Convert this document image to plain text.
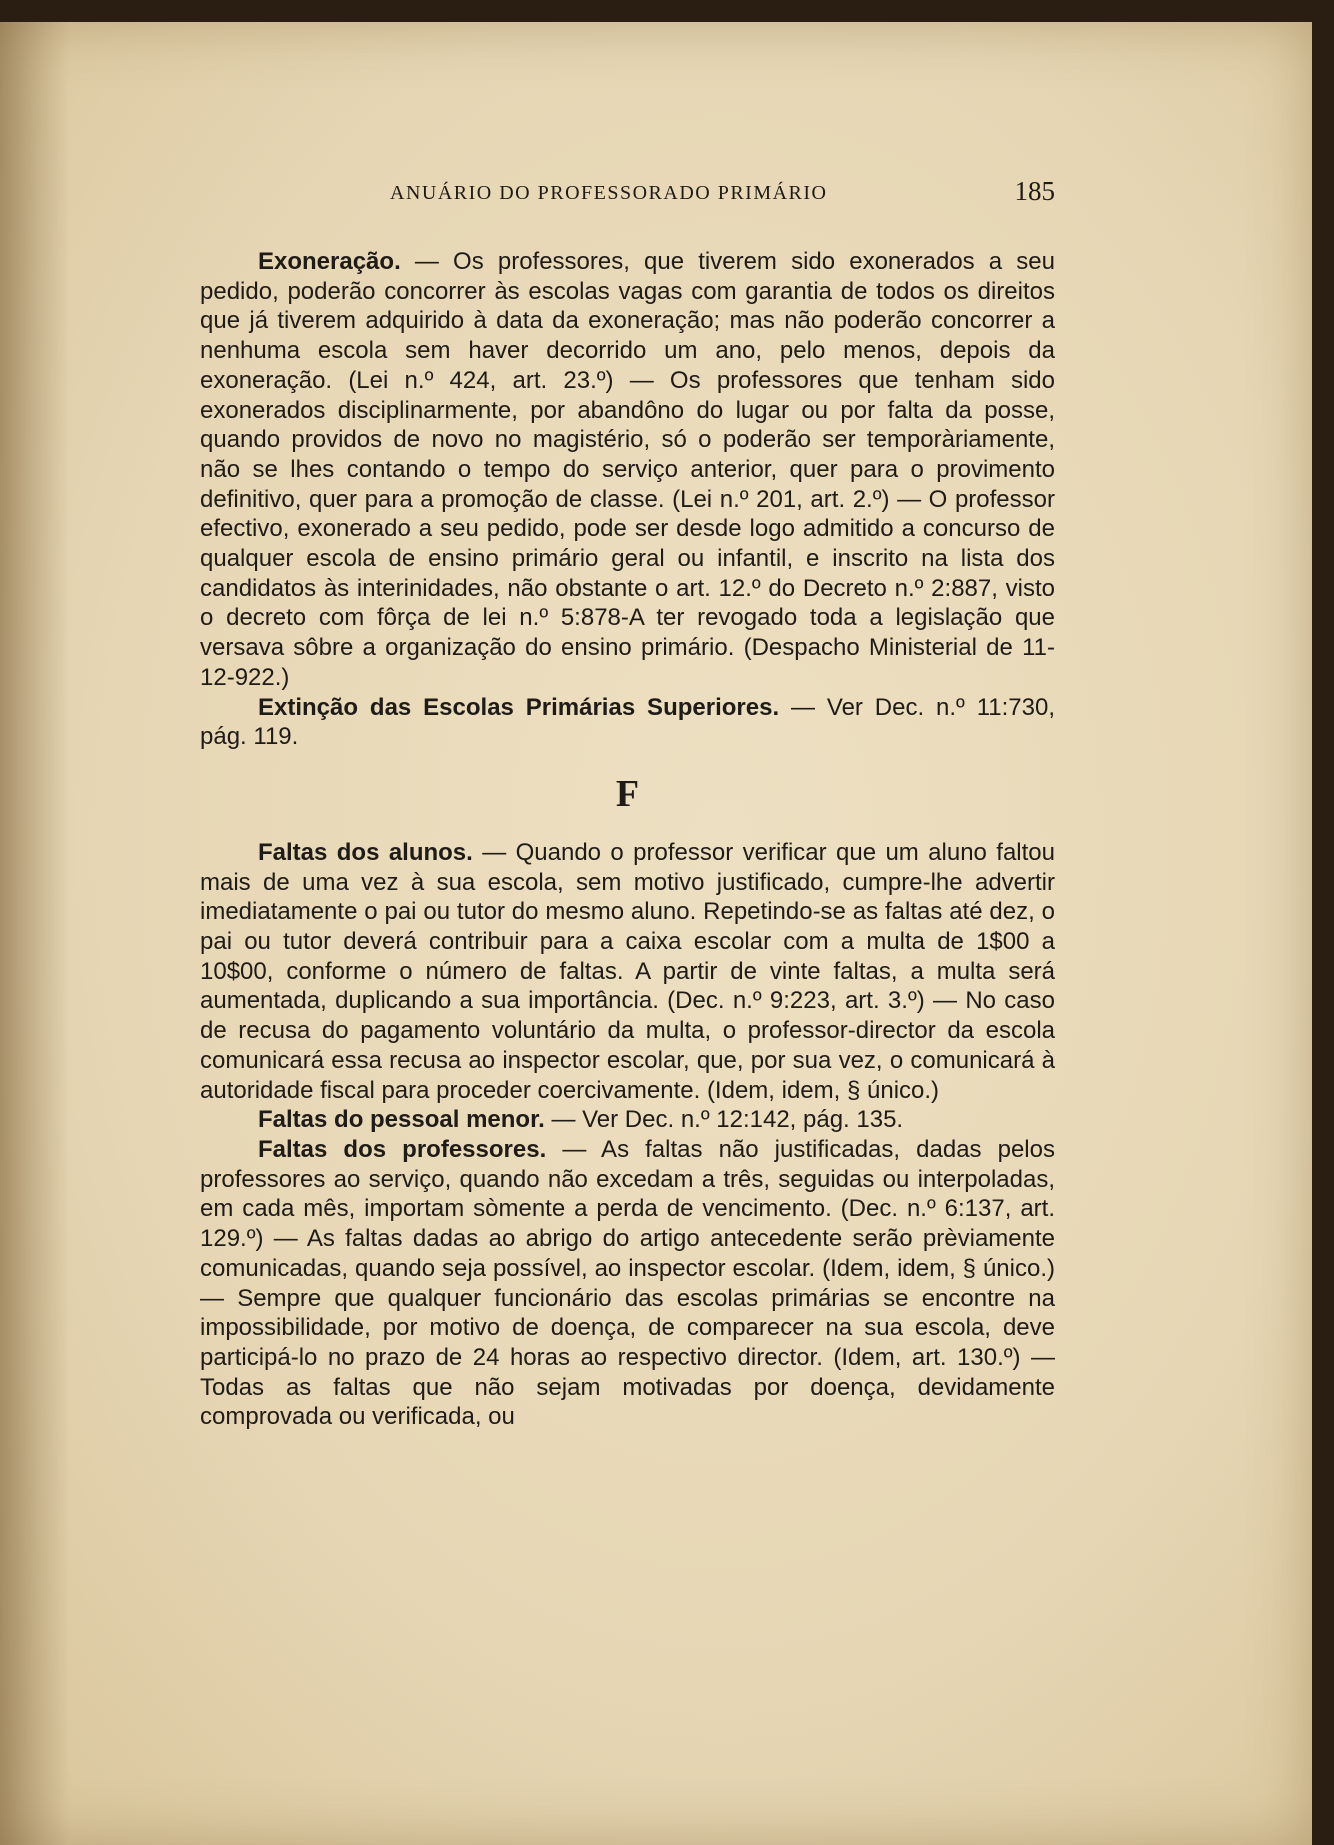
ANUÁRIO DO PROFESSORADO PRIMÁRIO	185

Exoneração. — Os professores, que tiverem sido exonerados a seu pedido, poderão concorrer às escolas vagas com garantia de todos os direitos que já tiverem adquirido à data da exoneração; mas não poderão concorrer a nenhuma escola sem haver decorrido um ano, pelo menos, depois da exoneração. (Lei n.º 424, art. 23.º) — Os professores que tenham sido exonerados disciplinarmente, por abandôno do lugar ou por falta da posse, quando providos de novo no magistério, só o poderão ser temporàriamente, não se lhes contando o tempo do serviço anterior, quer para o provimento definitivo, quer para a promoção de classe. (Lei n.º 201, art. 2.º) — O professor efectivo, exonerado a seu pedido, pode ser desde logo admitido a concurso de qualquer escola de ensino primário geral ou infantil, e inscrito na lista dos candidatos às interinidades, não obstante o art. 12.º do Decreto n.º 2:887, visto o decreto com fôrça de lei n.º 5:878-A ter revogado toda a legislação que versava sôbre a organização do ensino primário. (Despacho Ministerial de 11-12-922.)

Extinção das Escolas Primárias Superiores. — Ver Dec. n.º 11:730, pág. 119.

F

Faltas dos alunos. — Quando o professor verificar que um aluno faltou mais de uma vez à sua escola, sem motivo justificado, cumpre-lhe advertir imediatamente o pai ou tutor do mesmo aluno. Repetindo-se as faltas até dez, o pai ou tutor deverá contribuir para a caixa escolar com a multa de 1$00 a 10$00, conforme o número de faltas. A partir de vinte faltas, a multa será aumentada, duplicando a sua importância. (Dec. n.º 9:223, art. 3.º) — No caso de recusa do pagamento voluntário da multa, o professor-director da escola comunicará essa recusa ao inspector escolar, que, por sua vez, o comunicará à autoridade fiscal para proceder coercivamente. (Idem, idem, § único.)

Faltas do pessoal menor. — Ver Dec. n.º 12:142, pág. 135.

Faltas dos professores. — As faltas não justificadas, dadas pelos professores ao serviço, quando não excedam a três, seguidas ou interpoladas, em cada mês, importam sòmente a perda de vencimento. (Dec. n.º 6:137, art. 129.º) — As faltas dadas ao abrigo do artigo antecedente serão prèviamente comunicadas, quando seja possível, ao inspector escolar. (Idem, idem, § único.) — Sempre que qualquer funcionário das escolas primárias se encontre na impossibilidade, por motivo de doença, de comparecer na sua escola, deve participá-lo no prazo de 24 horas ao respectivo director. (Idem, art. 130.º) — Todas as faltas que não sejam motivadas por doença, devidamente comprovada ou verificada, ou
